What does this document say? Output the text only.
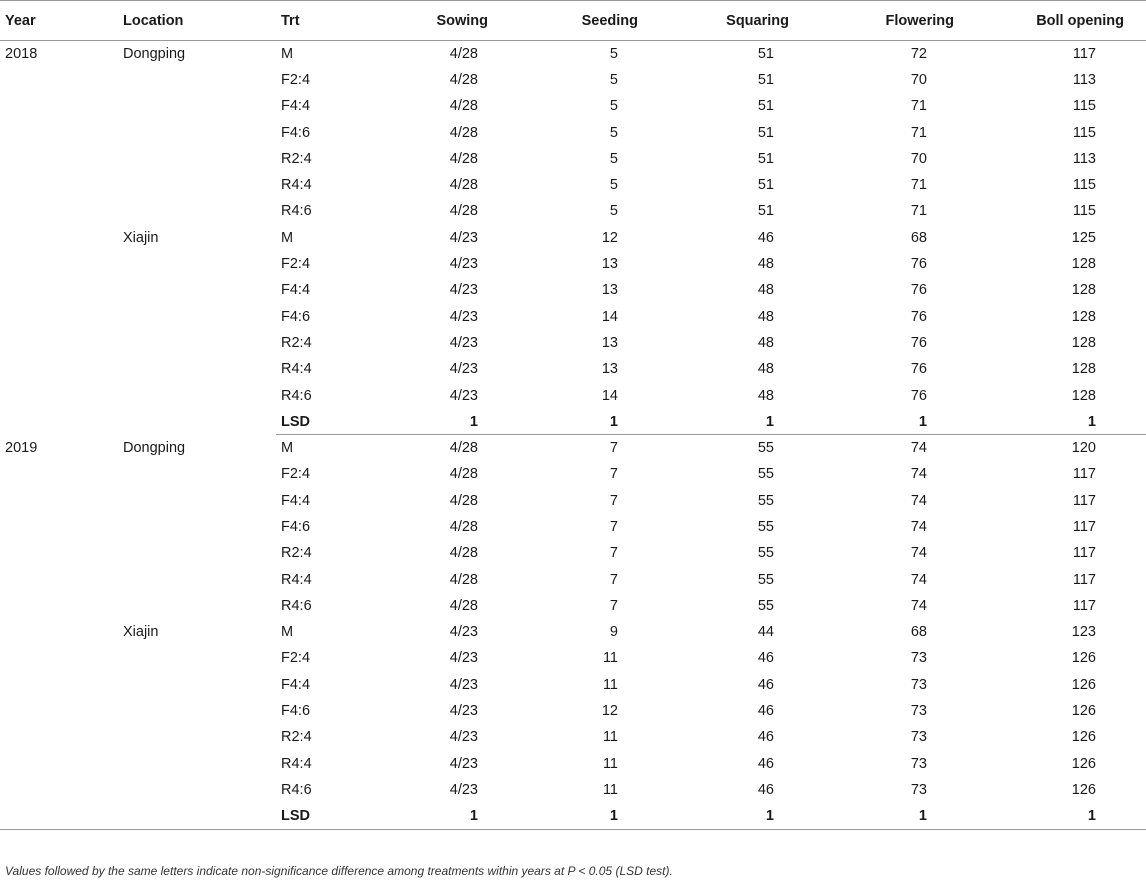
Year	Location	Trt	Sowing	Seeding	Squaring	Flowering	Boll opening
2018	Dongping	M	4/28	5	51	72	117
		F2:4	4/28	5	51	70	113
		F4:4	4/28	5	51	71	115
		F4:6	4/28	5	51	71	115
		R2:4	4/28	5	51	70	113
		R4:4	4/28	5	51	71	115
		R4:6	4/28	5	51	71	115
	Xiajin	M	4/23	12	46	68	125
		F2:4	4/23	13	48	76	128
		F4:4	4/23	13	48	76	128
		F4:6	4/23	14	48	76	128
		R2:4	4/23	13	48	76	128
		R4:4	4/23	13	48	76	128
		R4:6	4/23	14	48	76	128
		LSD	1	1	1	1	1
2019	Dongping	M	4/28	7	55	74	120
		F2:4	4/28	7	55	74	117
		F4:4	4/28	7	55	74	117
		F4:6	4/28	7	55	74	117
		R2:4	4/28	7	55	74	117
		R4:4	4/28	7	55	74	117
		R4:6	4/28	7	55	74	117
	Xiajin	M	4/23	9	44	68	123
		F2:4	4/23	11	46	73	126
		F4:4	4/23	11	46	73	126
		F4:6	4/23	12	46	73	126
		R2:4	4/23	11	46	73	126
		R4:4	4/23	11	46	73	126
		R4:6	4/23	11	46	73	126
		LSD	1	1	1	1	1
Values followed by the same letters indicate non-significance difference among treatments within years at P < 0.05 (LSD test).
